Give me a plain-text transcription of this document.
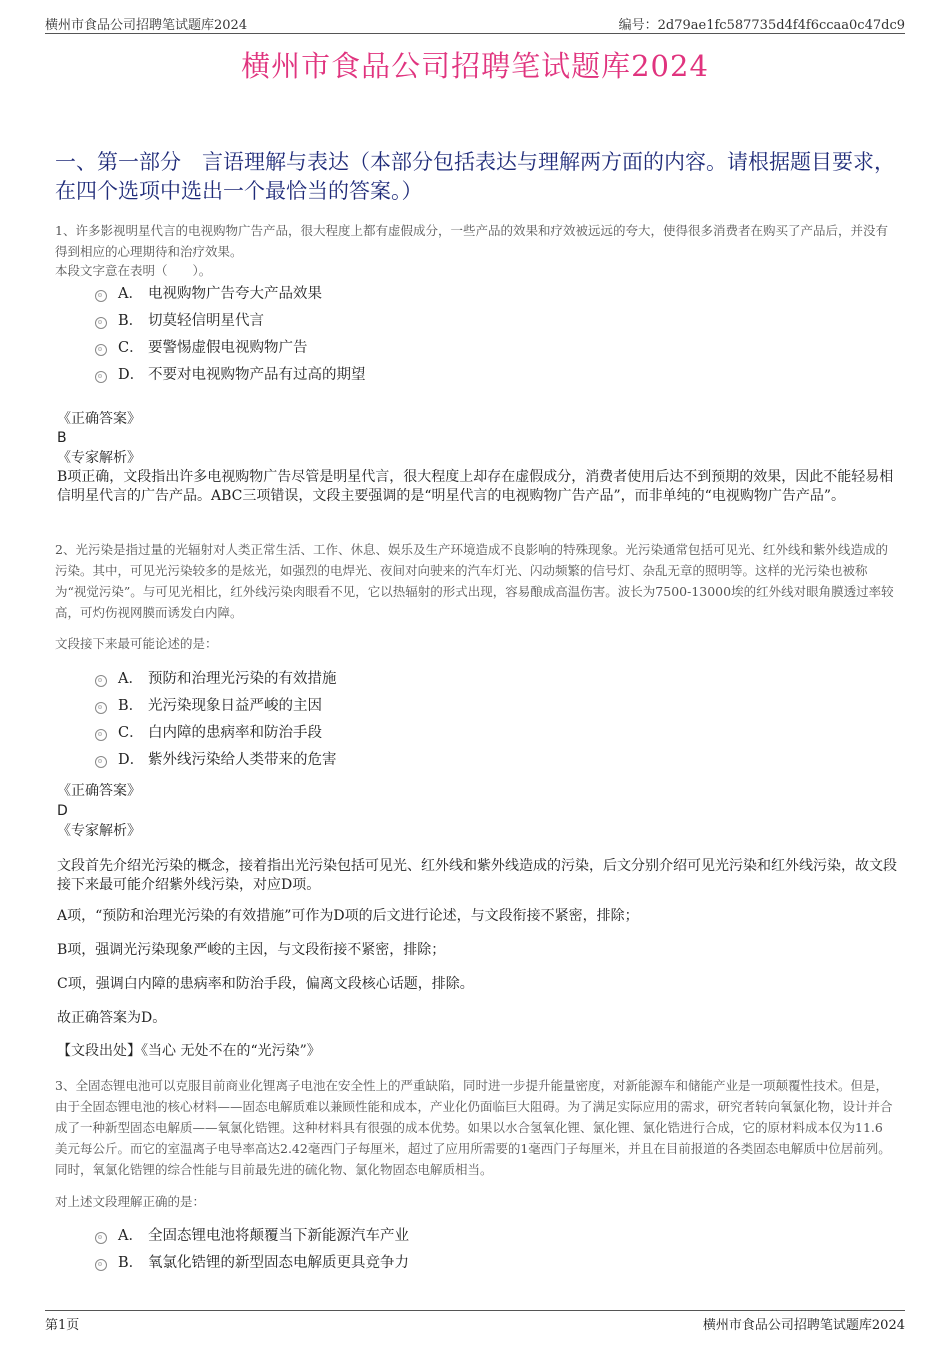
横州市食品公司招聘笔试题库2024	编号：2d79ae1fc587735d4f4f6ccaa0c47dc9
横州市食品公司招聘笔试题库2024
一、第一部分　言语理解与表达（本部分包括表达与理解两方面的内容。请根据题目要求，在四个选项中选出一个最恰当的答案。）
1、许多影视明星代言的电视购物广告产品，很大程度上都有虚假成分，一些产品的效果和疗效被远远的夸大，使得很多消费者在购买了产品后，并没有得到相应的心理期待和治疗效果。
本段文字意在表明（　　）。
A． 电视购物广告夸大产品效果
B． 切莫轻信明星代言
C． 要警惕虚假电视购物广告
D． 不要对电视购物产品有过高的期望
《正确答案》
B
《专家解析》
B项正确，文段指出许多电视购物广告尽管是明星代言，很大程度上却存在虚假成分，消费者使用后达不到预期的效果，因此不能轻易相信明星代言的广告产品。ABC三项错误，文段主要强调的是“明星代言的电视购物广告产品”，而非单纯的“电视购物广告产品”。
2、光污染是指过量的光辐射对人类正常生活、工作、休息、娱乐及生产环境造成不良影响的特殊现象。光污染通常包括可见光、红外线和紫外线造成的污染。其中，可见光污染较多的是炫光，如强烈的电焊光、夜间对向驶来的汽车灯光、闪动频繁的信号灯、杂乱无章的照明等。这样的光污染也被称为“视觉污染”。与可见光相比，红外线污染肉眼看不见，它以热辐射的形式出现，容易酿成高温伤害。波长为7500-13000埃的红外线对眼角膜透过率较高，可灼伤视网膜而诱发白内障。
文段接下来最可能论述的是：
A． 预防和治理光污染的有效措施
B． 光污染现象日益严峻的主因
C． 白内障的患病率和防治手段
D． 紫外线污染给人类带来的危害
《正确答案》
D
《专家解析》
文段首先介绍光污染的概念，接着指出光污染包括可见光、红外线和紫外线造成的污染，后文分别介绍可见光污染和红外线污染，故文段接下来最可能介绍紫外线污染，对应D项。
A项，“预防和治理光污染的有效措施”可作为D项的后文进行论述，与文段衔接不紧密，排除；
B项，强调光污染现象严峻的主因，与文段衔接不紧密，排除；
C项，强调白内障的患病率和防治手段，偏离文段核心话题，排除。
故正确答案为D。
【文段出处】《当心 无处不在的“光污染”》
3、全固态锂电池可以克服目前商业化锂离子电池在安全性上的严重缺陷，同时进一步提升能量密度，对新能源车和储能产业是一项颠覆性技术。但是，由于全固态锂电池的核心材料——固态电解质难以兼顾性能和成本，产业化仍面临巨大阻碍。为了满足实际应用的需求，研究者转向氧氯化物，设计并合成了一种新型固态电解质——氧氯化锆锂。这种材料具有很强的成本优势。如果以水合氢氧化锂、氯化锂、氯化锆进行合成，它的原材料成本仅为11.6美元每公斤。而它的室温离子电导率高达2.42毫西门子每厘米，超过了应用所需要的1毫西门子每厘米，并且在目前报道的各类固态电解质中位居前列。同时，氧氯化锆锂的综合性能与目前最先进的硫化物、氯化物固态电解质相当。
对上述文段理解正确的是：
A． 全固态锂电池将颠覆当下新能源汽车产业
B． 氧氯化锆锂的新型固态电解质更具竞争力
第1页	横州市食品公司招聘笔试题库2024
